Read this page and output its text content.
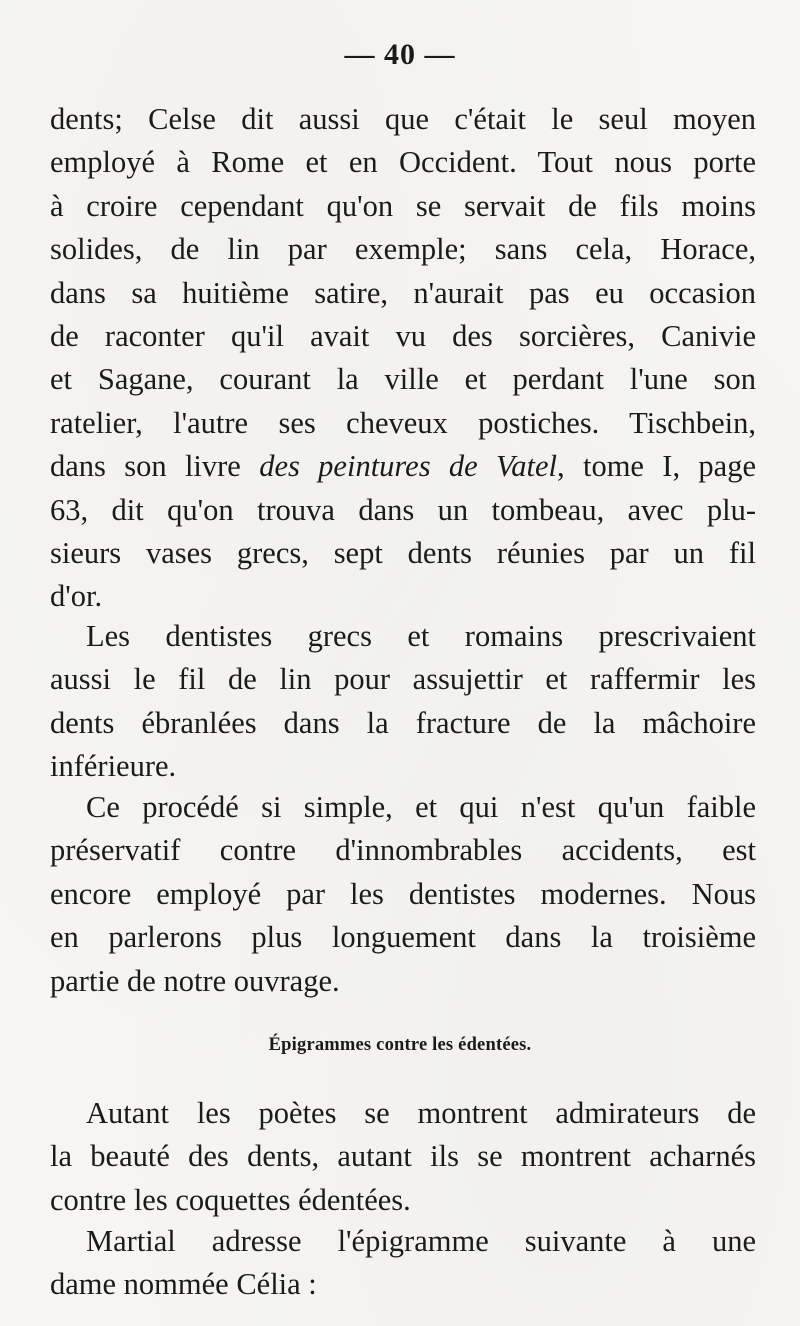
— 40 —
dents; Celse dit aussi que c'était le seul moyen
employé à Rome et en Occident. Tout nous porte
à croire cependant qu'on se servait de fils moins
solides, de lin par exemple; sans cela, Horace,
dans sa huitième satire, n'aurait pas eu occasion
de raconter qu'il avait vu des sorcières, Canivie
et Sagane, courant la ville et perdant l'une son
ratelier, l'autre ses cheveux postiches. Tischbein,
dans son livre des peintures de Vatel, tome I, page
63, dit qu'on trouva dans un tombeau, avec plu-
sieurs vases grecs, sept dents réunies par un fil
d'or.
Les dentistes grecs et romains prescrivaient
aussi le fil de lin pour assujettir et raffermir les
dents ébranlées dans la fracture de la mâchoire
inférieure.
Ce procédé si simple, et qui n'est qu'un faible
préservatif contre d'innombrables accidents, est
encore employé par les dentistes modernes. Nous
en parlerons plus longuement dans la troisième
partie de notre ouvrage.
Épigrammes contre les édentées.
Autant les poètes se montrent admirateurs de
la beauté des dents, autant ils se montrent acharnés
contre les coquettes édentées.
Martial adresse l'épigramme suivante à une
dame nommée Célia :
